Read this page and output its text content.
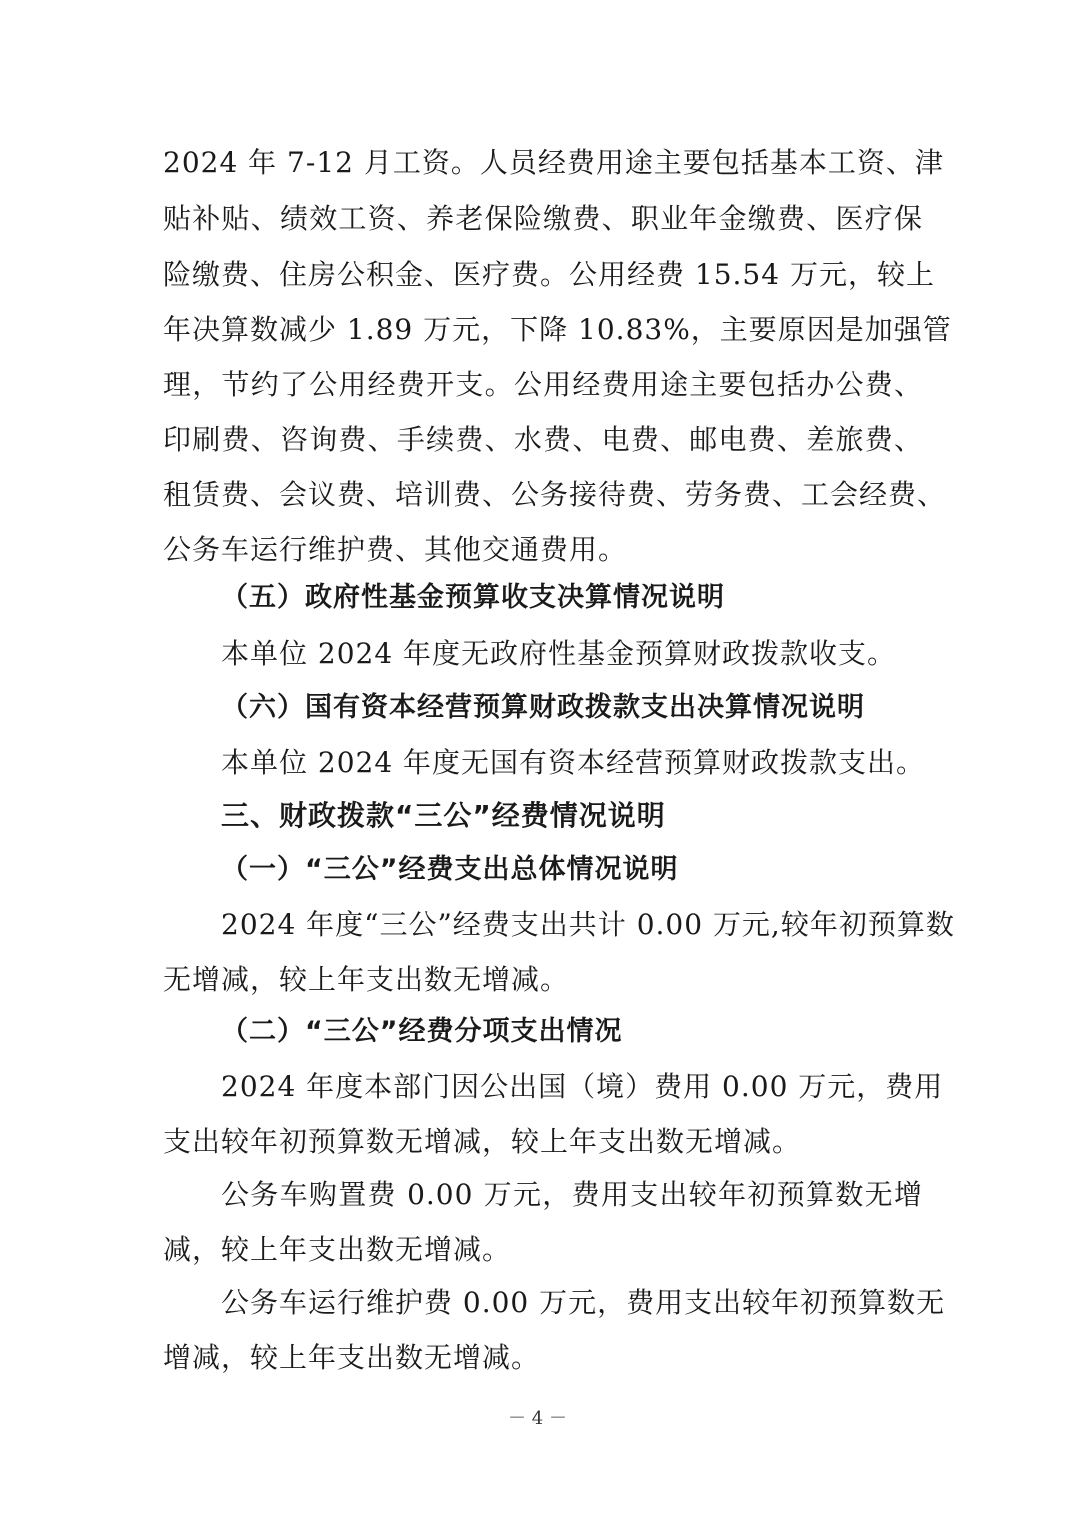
2024 年 7-12 月工资。人员经费用途主要包括基本工资、津
贴补贴、绩效工资、养老保险缴费、职业年金缴费、医疗保
险缴费、住房公积金、医疗费。公用经费 15.54 万元，较上
年决算数减少 1.89 万元，下降 10.83%，主要原因是加强管
理，节约了公用经费开支。公用经费用途主要包括办公费、
印刷费、咨询费、手续费、水费、电费、邮电费、差旅费、
租赁费、会议费、培训费、公务接待费、劳务费、工会经费、
公务车运行维护费、其他交通费用。
（五）政府性基金预算收支决算情况说明
本单位 2024 年度无政府性基金预算财政拨款收支。
（六）国有资本经营预算财政拨款支出决算情况说明
本单位 2024 年度无国有资本经营预算财政拨款支出。
三、财政拨款“三公”经费情况说明
（一）“三公”经费支出总体情况说明
2024 年度“三公”经费支出共计 0.00 万元,较年初预算数
无增减，较上年支出数无增减。
（二）“三公”经费分项支出情况
2024 年度本部门因公出国（境）费用 0.00 万元，费用
支出较年初预算数无增减，较上年支出数无增减。
公务车购置费 0.00 万元，费用支出较年初预算数无增
减，较上年支出数无增减。
公务车运行维护费 0.00 万元，费用支出较年初预算数无
增减，较上年支出数无增减。
－ 4 －
